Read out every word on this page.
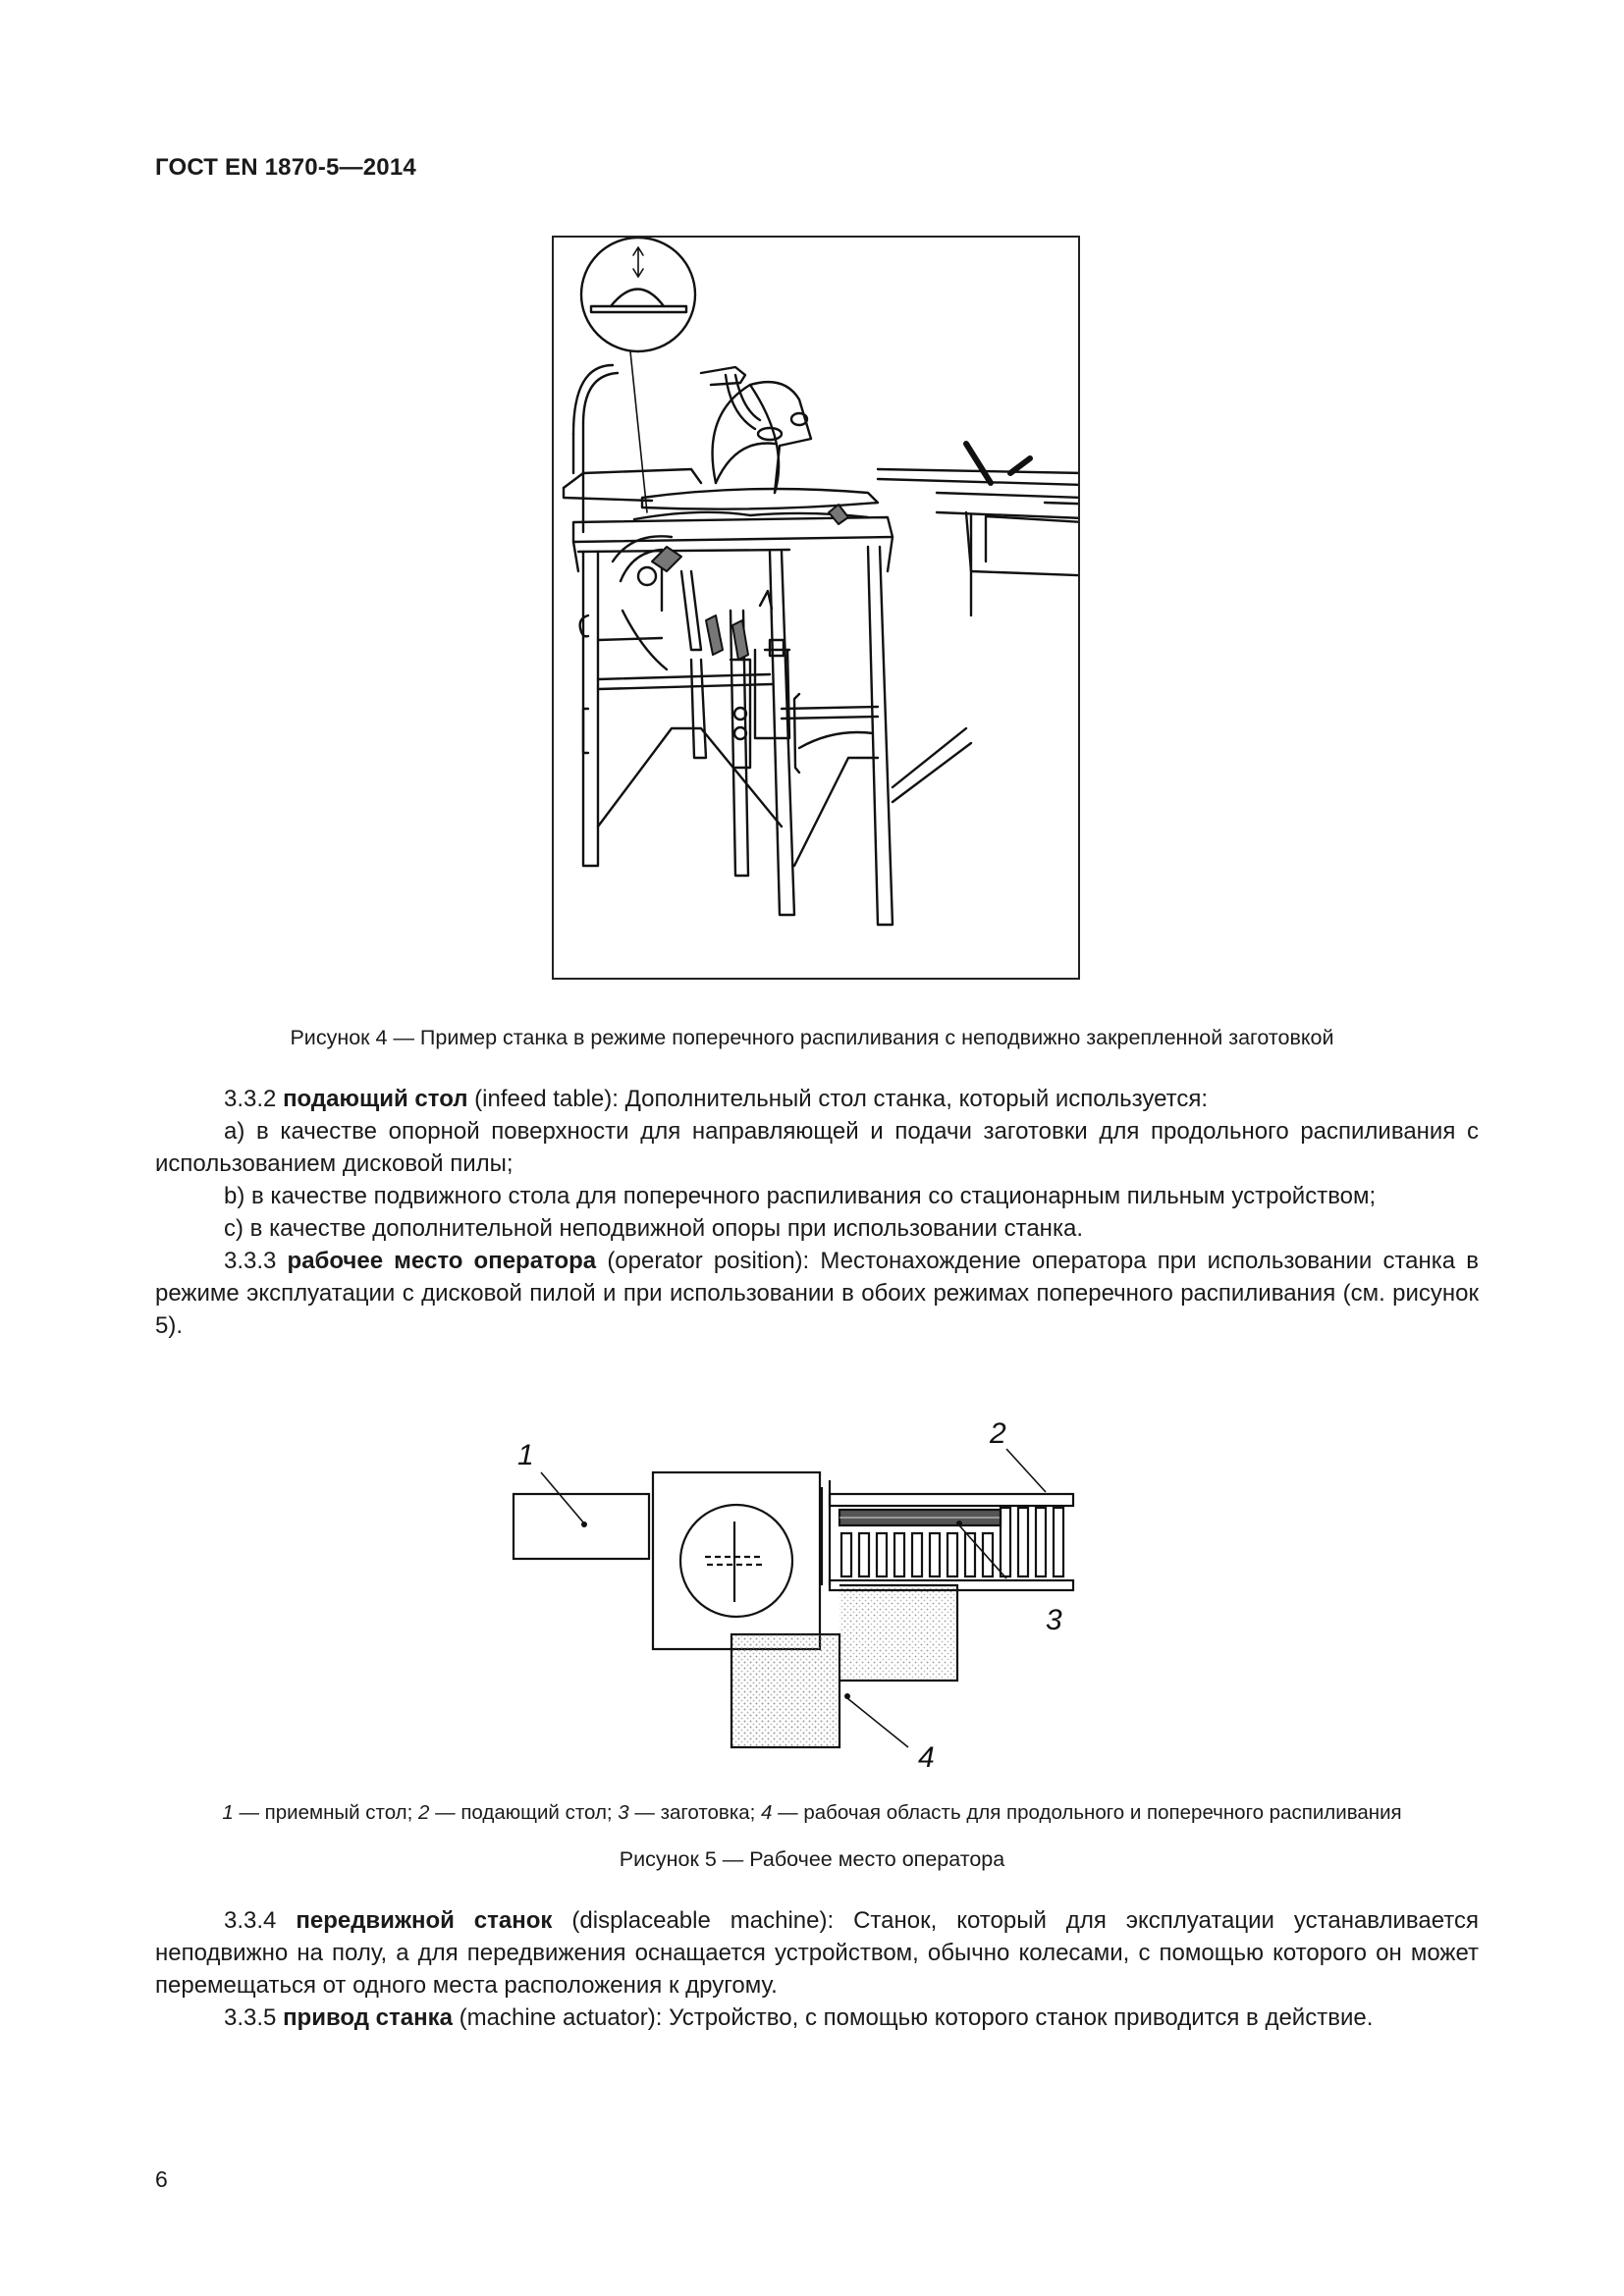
ГОСТ EN 1870-5—2014
Рисунок 4 — Пример станка в режиме поперечного распиливания с неподвижно закрепленной заготовкой

3.3.2 подающий стол (infeed table): Дополнительный стол станка, который используется:

а) в качестве опорной поверхности для направляющей и подачи заготовки для продольного распиливания с использованием дисковой пилы;

b) в качестве подвижного стола для поперечного распиливания со стационарным пильным устройством;

с) в качестве дополнительной неподвижной опоры при использовании станка.

3.3.3 рабочее место оператора (operator position): Местонахождение оператора при использовании станка в режиме эксплуатации с дисковой пилой и при использовании в обоих режимах поперечного распиливания (см. рисунок 5).

1
2
3
4
1 — приемный стол; 2 — подающий стол; 3 — заготовка; 4 — рабочая область для продольного и поперечного распиливания
Рисунок 5 — Рабочее место оператора

3.3.4 передвижной станок (displaceable machine): Станок, который для эксплуатации устанавливается неподвижно на полу, а для передвижения оснащается устройством, обычно колесами, с помощью которого он может перемещаться от одного места расположения к другому.

3.3.5 привод станка (machine actuator): Устройство, с помощью которого станок приводится в действие.

6
